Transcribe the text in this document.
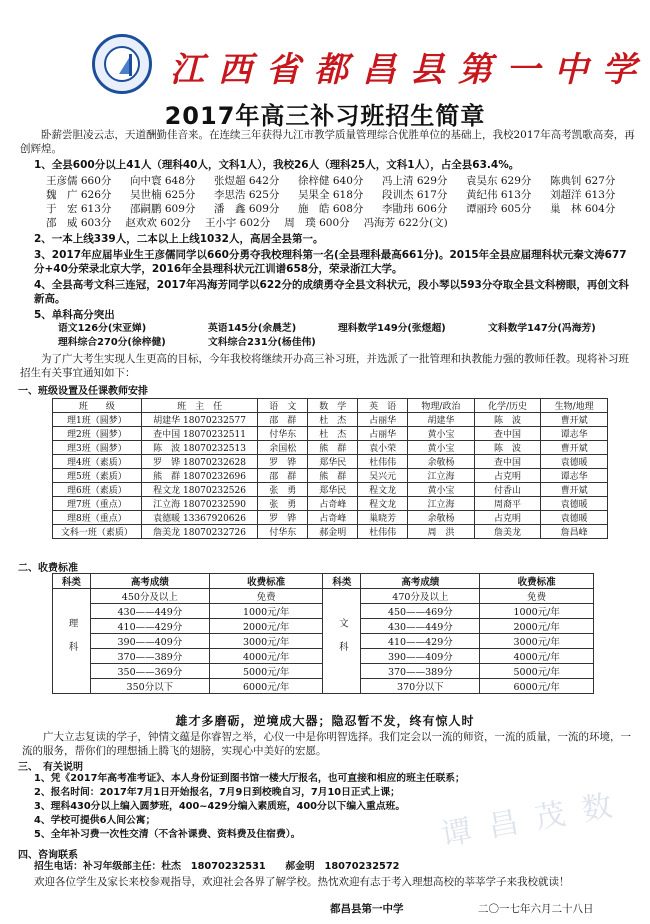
江西省都昌县第一中学
2017年高三补习班招生简章
卧薪尝胆凌云志，天道酬勤佳音来。在连续三年获得九江市教学质量管理综合优胜单位的基础上，我校2017年高考凯歌高奏，再创辉煌。
1、全县600分以上41人（理科40人，文科1人），我校26人（理科25人，文科1人），占全县63.4%。
王彦儒 660分	向中寰 648分	张煜超 642分	徐梓健 640分	冯上清 629分	袁昊东 629分	陈典钊 627分
魏　广 626分	吴世楠 625分	李思浩 625分	吴果全 618分	段训杰 617分	黄纪伟 613分	刘超洋 613分
于　宏 613分	邵嗣鹏 609分	潘　鑫 609分	施　皓 608分	李勖玮 606分	谭丽玲 605分	巢　林 604分
邵　威 603分	赵欢欢 602分	王小宇 602分	周　璞 600分	冯海芳 622分(文)
2、一本上线339人，二本以上上线1032人，高居全县第一。
3、2017年应届毕业生王彦儒同学以660分勇夺我校理科第一名(全县理科最高661分)。2015年全县应届理科状元秦文涛677分+40分荣录北京大学，2016年全县理科状元江训谱658分，荣录浙江大学。
4、全县高考文科三连冠，2017年冯海芳同学以622分的成绩勇夺全县文科状元，段小琴以593分夺取全县文科榜眼，再创文科新高。
5、单科高分突出
语文126分(宋亚婵)	英语145分(余晨芝)	理科数学149分(张煜超)	文科数学147分(冯海芳)
理科综合270分(徐梓健)	文科综合231分(杨佳伟)
为了广大考生实现人生更高的目标，今年我校将继续开办高三补习班，并选派了一批管理和执教能力强的教师任教。现将补习班招生有关事宜通知如下：
一、班级设置及任课教师安排
班　　级	班　主　任	语　文	数　学	英　语	物理/政治	化学/历史	生物/地理
理1班（圆梦）	胡建华 18070232577	邵　群	杜　杰	占丽华	胡建华	陈　波	曹开斌
理2班（圆梦）	查中国 18070232511	付华东	杜　杰	占丽华	黄小宝	查中国	谭志华
理3班（圆梦）	陈　波 18070232513	余国松	熊　群	袁小荣	黄小宝	陈　波	曹开斌
理4班（素质）	罗　铧 18070232628	罗　铧	郑华民	杜伟伟	余敬杨	查中国	袁德暖
理5班（素质）	熊　群 18070232696	邵　群	熊　群	吴兴元	江立海	占克明	谭志华
理6班（素质）	程文龙 18070232526	张　勇	郑华民	程文龙	黄小宝	付香山	曹开斌
理7班（重点）	江立海 18070232590	张　勇	占奇峰	程文龙	江立海	周裔平	袁德暖
理8班（重点）	袁德暖 13367920626	罗　铧	占奇峰	巢晓芳	余敬杨	占克明	袁德暖
文科一班（素质）	詹美龙 18070232726	付华东	郝金明	杜伟伟	周　洪	詹美龙	詹昌峰
二、收费标准
科类	高考成绩	收费标准	科类	高考成绩	收费标准
理科	450分及以上	免费	文科	470分及以上	免费
	430——449分	1000元/年		450——469分	1000元/年
	410——429分	2000元/年		430——449分	2000元/年
	390——409分	3000元/年		410——429分	3000元/年
	370——389分	4000元/年		390——409分	4000元/年
	350——369分	5000元/年		370——389分	5000元/年
	350分以下	6000元/年		370分以下	6000元/年
雄才多磨砺，逆境成大器；隐忍暂不发，终有惊人时
广大立志复读的学子，钟情文蕴是你睿智之举，心仪一中是你明智选择。我们定会以一流的师资，一流的质量，一流的环境，一流的服务，帮你们的理想插上腾飞的翅膀，实现心中美好的宏愿。
三、　有关说明
1、凭《2017年高考准考证》、本人身份证到图书馆一楼大厅报名，也可直接和相应的班主任联系；
2、报名时间：2017年7月1日开始报名，7月9日到校晚自习，7月10日正式上课；
3、理科430分以上编入圆梦班，400~429分编入素质班，400分以下编入重点班。
4、学校可提供6人间公寓；
5、全年补习费一次性交清（不含补课费、资料费及住宿费）。
四、咨询联系
招生电话：补习年级部主任：杜杰　18070232531　　郝金明　18070232572
欢迎各位学生及家长来校参观指导，欢迎社会各界了解学校。热忱欢迎有志于考入理想高校的莘莘学子来我校就读！
谭 昌 茂 数
都昌县第一中学	二〇一七年六月二十八日
